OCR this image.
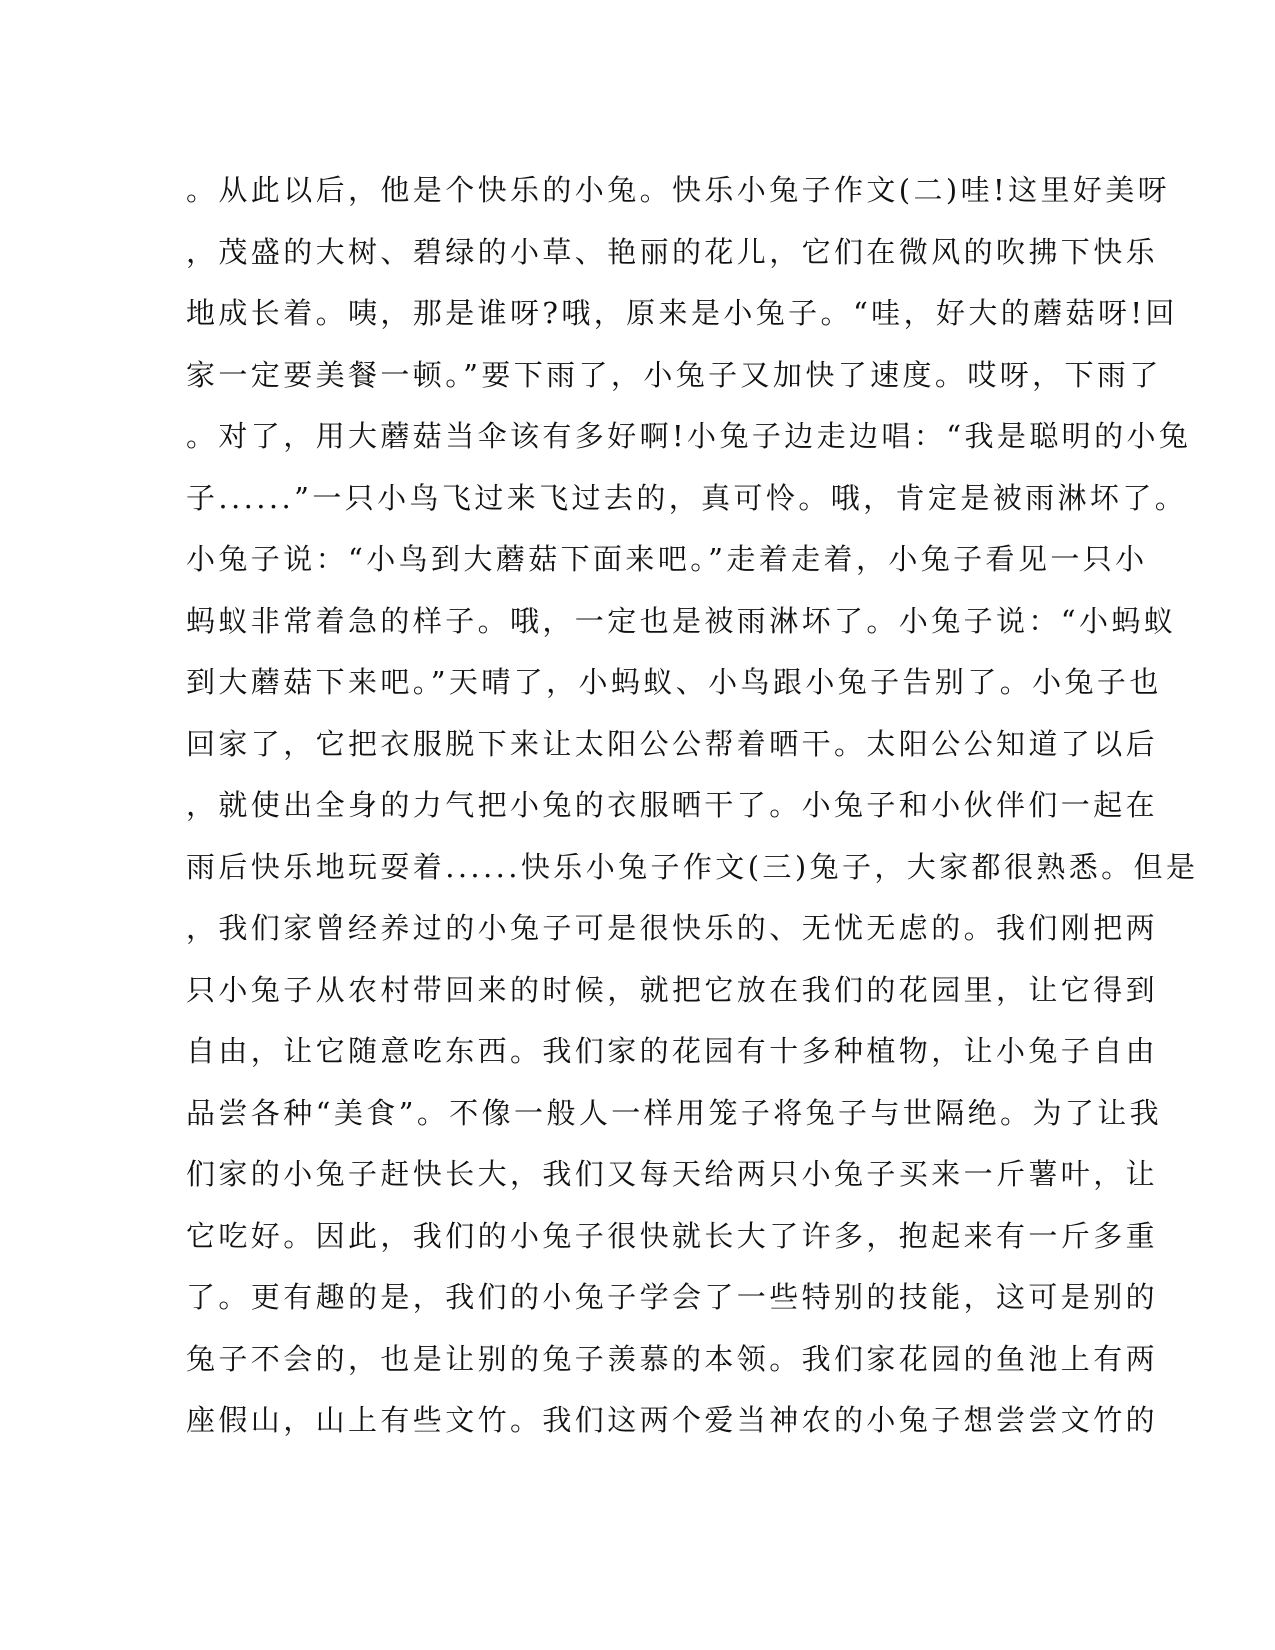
。从此以后，他是个快乐的小兔。快乐小兔子作文(二)哇!这里好美呀
，茂盛的大树、碧绿的小草、艳丽的花儿，它们在微风的吹拂下快乐
地成长着。咦，那是谁呀?哦，原来是小兔子。“哇，好大的蘑菇呀!回
家一定要美餐一顿。”要下雨了，小兔子又加快了速度。哎呀，下雨了
。对了，用大蘑菇当伞该有多好啊!小兔子边走边唱：“我是聪明的小兔
子......”一只小鸟飞过来飞过去的，真可怜。哦，肯定是被雨淋坏了。
小兔子说：“小鸟到大蘑菇下面来吧。”走着走着，小兔子看见一只小
蚂蚁非常着急的样子。哦，一定也是被雨淋坏了。小兔子说：“小蚂蚁
到大蘑菇下来吧。”天晴了，小蚂蚁、小鸟跟小兔子告别了。小兔子也
回家了，它把衣服脱下来让太阳公公帮着晒干。太阳公公知道了以后
，就使出全身的力气把小兔的衣服晒干了。小兔子和小伙伴们一起在
雨后快乐地玩耍着......快乐小兔子作文(三)兔子，大家都很熟悉。但是
，我们家曾经养过的小兔子可是很快乐的、无忧无虑的。我们刚把两
只小兔子从农村带回来的时候，就把它放在我们的花园里，让它得到
自由，让它随意吃东西。我们家的花园有十多种植物，让小兔子自由
品尝各种“美食”。不像一般人一样用笼子将兔子与世隔绝。为了让我
们家的小兔子赶快长大，我们又每天给两只小兔子买来一斤薯叶，让
它吃好。因此，我们的小兔子很快就长大了许多，抱起来有一斤多重
了。更有趣的是，我们的小兔子学会了一些特别的技能，这可是别的
兔子不会的，也是让别的兔子羡慕的本领。我们家花园的鱼池上有两
座假山，山上有些文竹。我们这两个爱当神农的小兔子想尝尝文竹的
